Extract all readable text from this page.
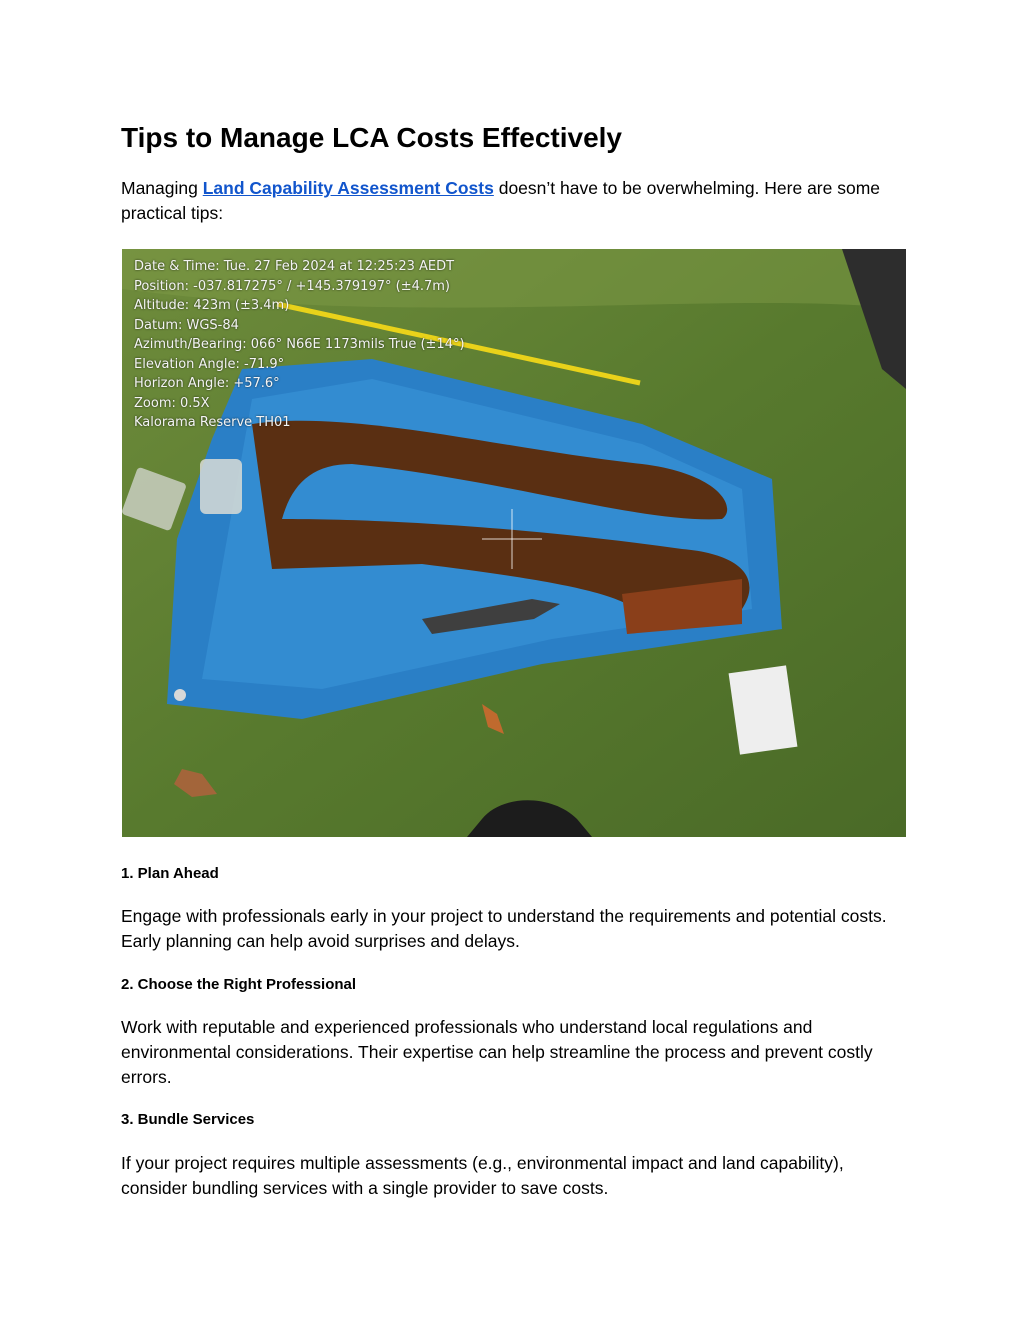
Tips to Manage LCA Costs Effectively

Managing Land Capability Assessment Costs doesn’t have to be overwhelming. Here are some practical tips:

Date & Time: Tue. 27 Feb 2024 at 12:25:23 AEDT
Position: -037.817275° / +145.379197° (±4.7m)
Altitude: 423m (±3.4m)
Datum: WGS-84
Azimuth/Bearing: 066° N66E 1173mils True (±14°)
Elevation Angle: -71.9°
Horizon Angle: +57.6°
Zoom: 0.5X
Kalorama Reserve TH01
1. Plan Ahead

Engage with professionals early in your project to understand the requirements and potential costs. Early planning can help avoid surprises and delays.

2. Choose the Right Professional

Work with reputable and experienced professionals who understand local regulations and environmental considerations. Their expertise can help streamline the process and prevent costly errors.

3. Bundle Services

If your project requires multiple assessments (e.g., environmental impact and land capability), consider bundling services with a single provider to save costs.
